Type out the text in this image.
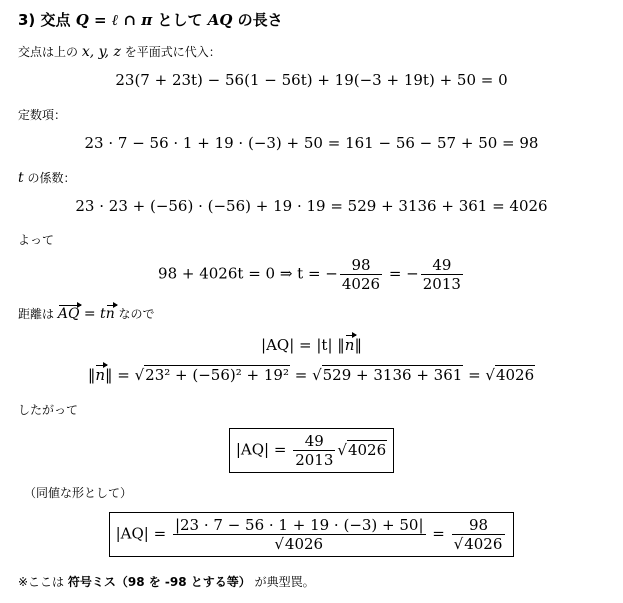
3) 交点 Q = ℓ ∩ π として AQ の長さ
交点は上の x, y, z を平面式に代入：
23(7 + 23t) − 56(1 − 56t) + 19(−3 + 19t) + 50 = 0
定数項：
23 · 7 − 56 · 1 + 19 · (−3) + 50 = 161 − 56 − 57 + 50 = 98
t の係数：
23 · 23 + (−56) · (−56) + 19 · 19 = 529 + 3136 + 361 = 4026
よって
98 + 4026t = 0 ⇒ t = − $\frac{98}{4026}$ = − $\frac{49}{2013}$
距離は AQ = tn なので
|AQ| = |t| ‖n‖
‖n‖ = √23² + (−56)² + 19² = √529 + 3136 + 361 = √4026
したがって
$|AQ| = \frac{49}{2013} √4026$
（同値な形として）
$|AQ| = \frac{|23 \cdot 7 - 56 \cdot 1 + 19 \cdot (-3) + 50|}{√4026} = \frac{98}{√4026}$
※ここは 符号ミス（98 を -98 とする等） が典型罠。
